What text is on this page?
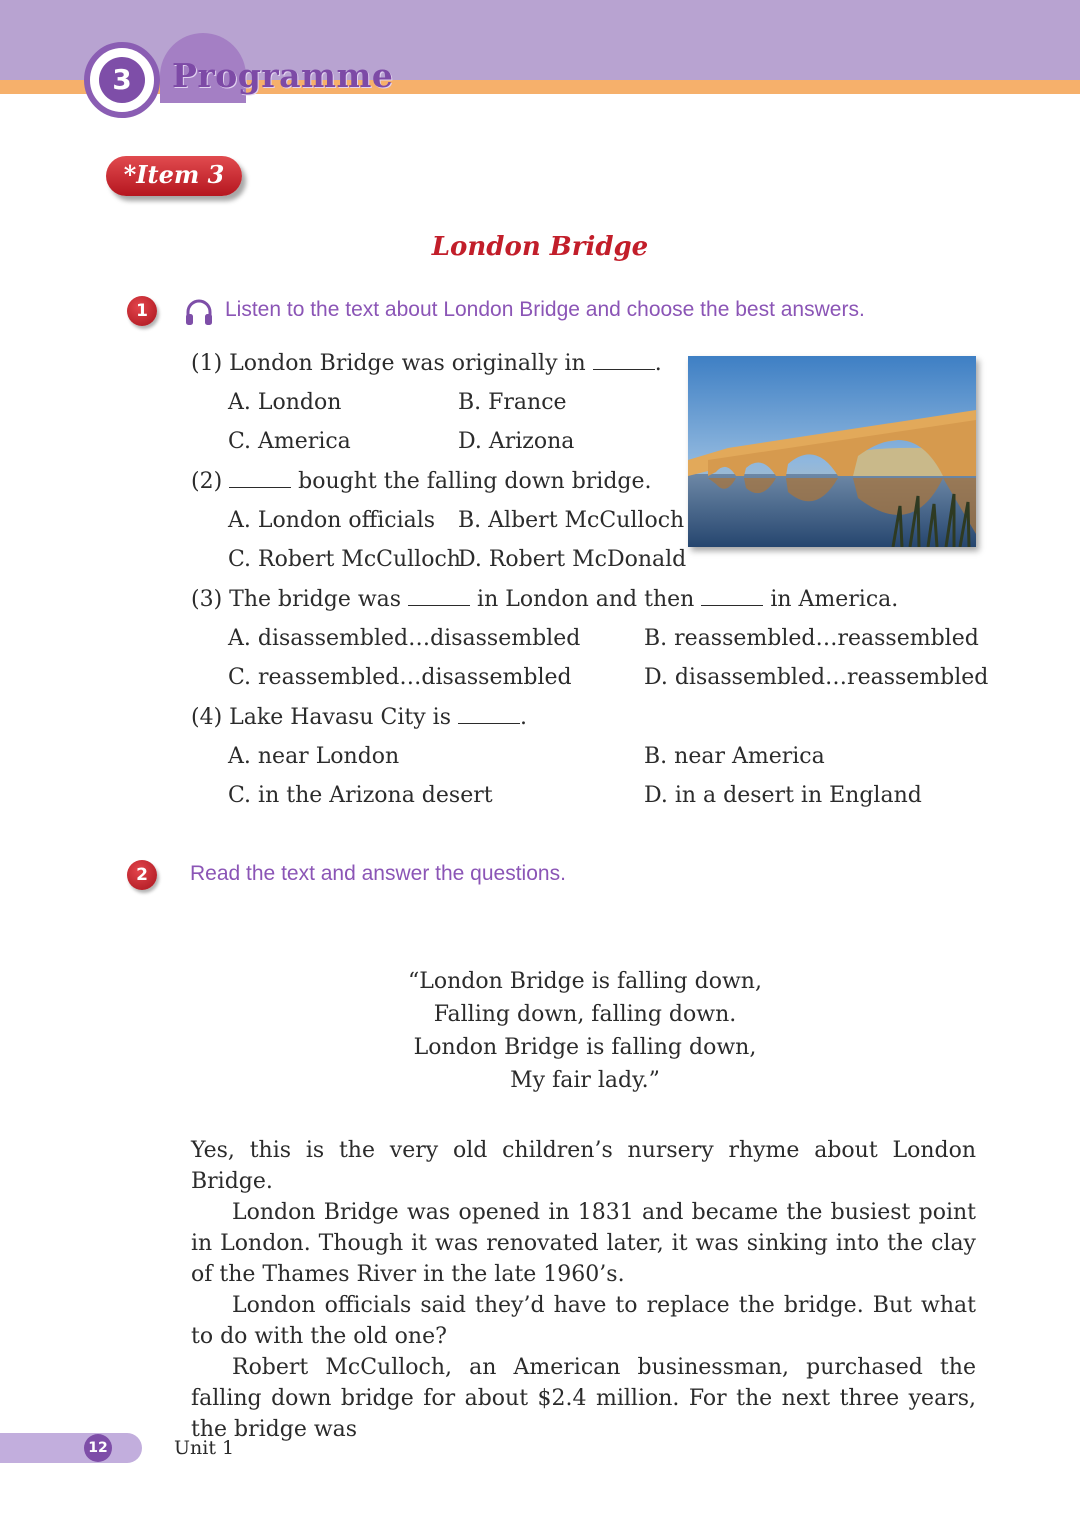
3	Programme
*Item 3
London Bridge
1	Listen to the text about London Bridge and choose the best answers.
(1) London Bridge was originally in	.
A. London	B. France
C. America	D. Arizona
(2)	bought the falling down bridge.
A. London officials B. Albert McCulloch
C. Robert McCulloch
D. Robert McDonald
(3) The bridge was	in London and then	in America.
A. disassembled…disassembled	B. reassembled…reassembled
C. reassembled…disassembled	D. disassembled…reassembled
(4) Lake Havasu City is	.
A. near London	B. near America
C. in the Arizona desert	D. in a desert in England
2	Read the text and answer the questions.
“London Bridge is falling down,
Falling down, falling down.
London Bridge is falling down,
My fair lady.”

Yes, this is the very old children’s nursery rhyme about London Bridge.

London Bridge was opened in 1831 and became the busiest point in London. Though it was renovated later, it was sinking into the clay of the Thames River in the late 1960’s.

London officials said they’d have to replace the bridge. But what to do with the old one?

Robert McCulloch, an American businessman, purchased the falling down bridge for about $2.4 million. For the next three years, the bridge was

12	Unit 1
